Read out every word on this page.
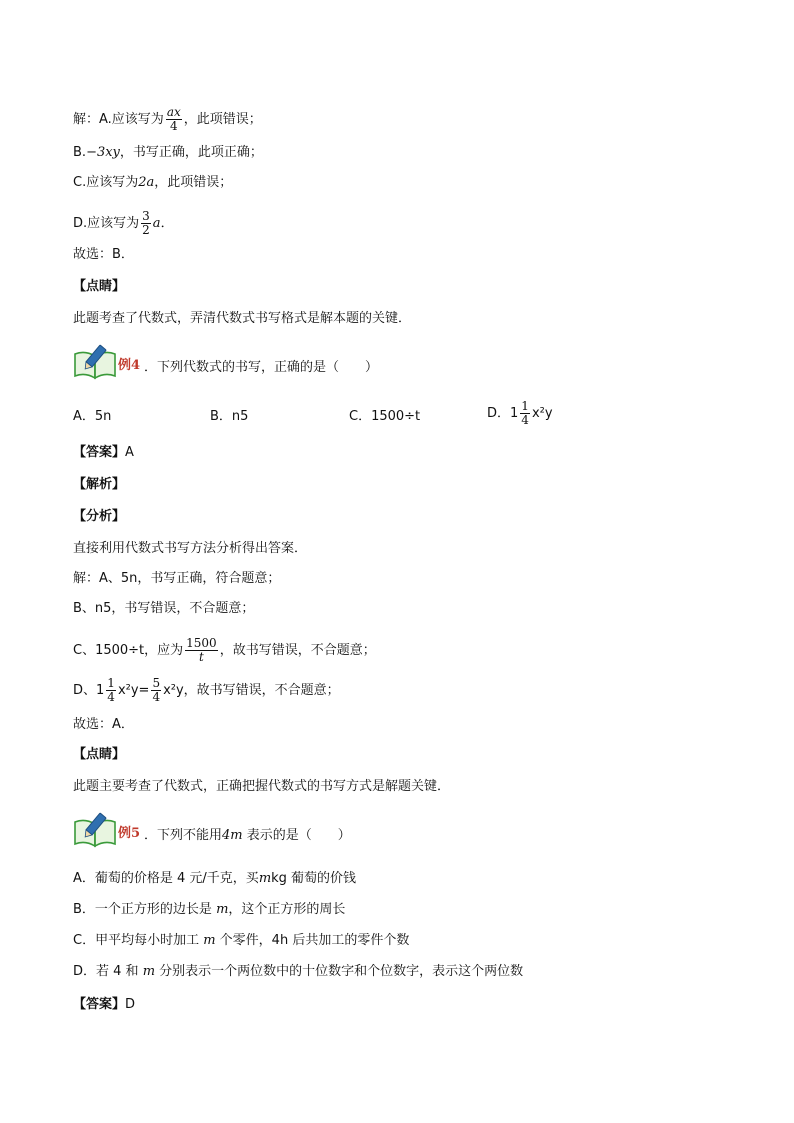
解：A.应该写为 $\frac{ax}{4}$ ，此项错误；
B.−3xy，书写正确，此项正确；
C.应该写为2a，此项错误；
D.应该写为 $\frac{3}{2}$ a．
故选：B．
【点睛】
此题考查了代数式，弄清代数式书写格式是解本题的关键．
例4 ．下列代数式的书写，正确的是（　　）
A．5n	B．n5	C．1500÷t	D．$1 \frac{1}{4} x^2y$
【答案】A
【解析】
【分析】
直接利用代数式书写方法分析得出答案．
解：A、5n，书写正确，符合题意；
B、n5，书写错误，不合题意；
C、1500÷t，应为 $\frac{1500}{t}$ ，故书写错误，不合题意；
D、$1 \frac{1}{4} x^2y= \frac{5}{4} x^2y$，故书写错误，不合题意；
故选：A．
【点睛】
此题主要考查了代数式，正确把握代数式的书写方式是解题关键．
例5 ．下列不能用4m 表示的是（　　）
A．葡萄的价格是 4 元/千克，买mkg 葡萄的价钱
B．一个正方形的边长是 m，这个正方形的周长
C．甲平均每小时加工 m 个零件，4h 后共加工的零件个数
D．若 4 和 m 分别表示一个两位数中的十位数字和个位数字，表示这个两位数
【答案】D
